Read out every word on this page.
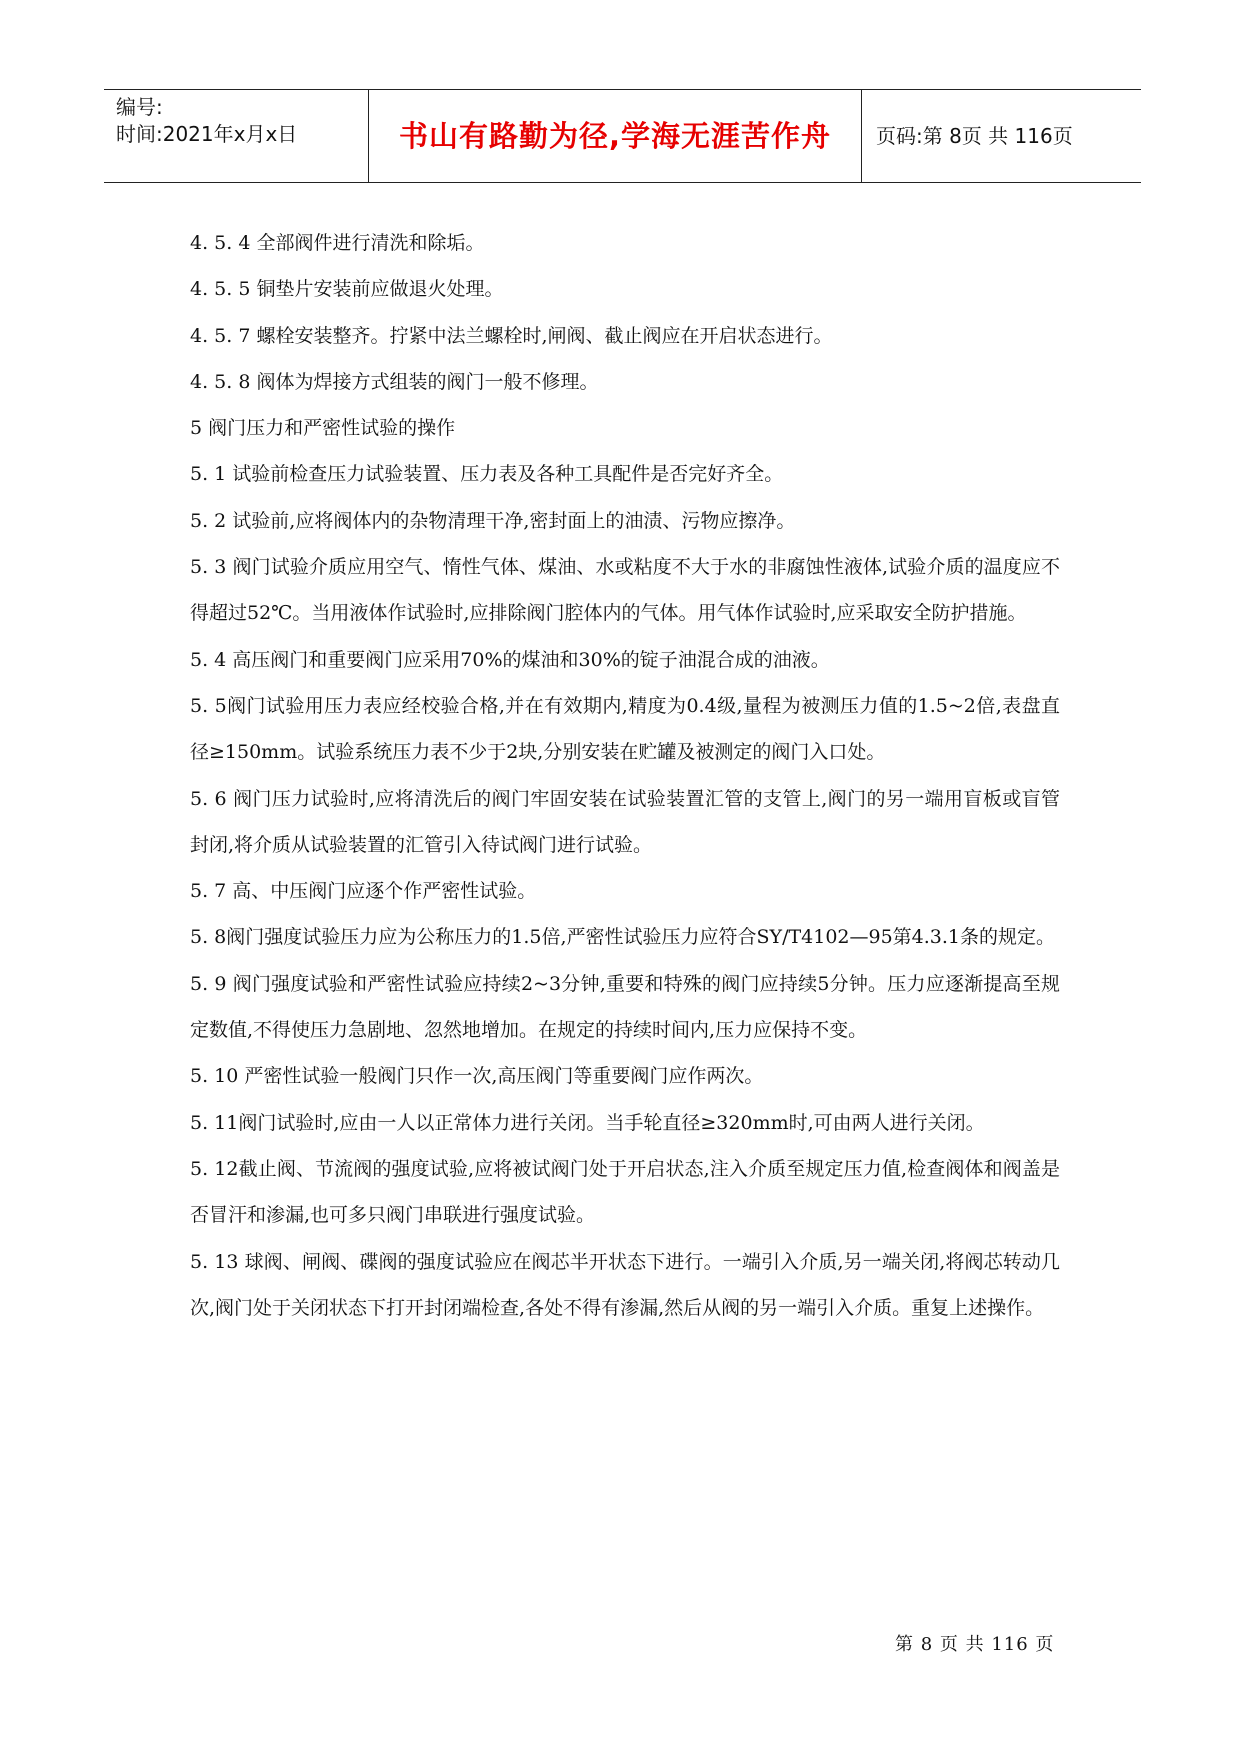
编号:
时间:2021年x月x日	书山有路勤为径,学海无涯苦作舟	页码:第 8页 共 116页

4. 5. 4 全部阀件进行清洗和除垢。

4. 5. 5 铜垫片安装前应做退火处理。

4. 5. 7 螺栓安装整齐。拧紧中法兰螺栓时,闸阀、截止阀应在开启状态进行。

4. 5. 8 阀体为焊接方式组装的阀门一般不修理。

5 阀门压力和严密性试验的操作

5. 1 试验前检查压力试验装置、压力表及各种工具配件是否完好齐全。

5. 2 试验前,应将阀体内的杂物清理干净,密封面上的油渍、污物应擦净。

5. 3 阀门试验介质应用空气、惰性气体、煤油、水或粘度不大于水的非腐蚀性液体,试验介质的温度应不得超过52℃。当用液体作试验时,应排除阀门腔体内的气体。用气体作试验时,应采取安全防护措施。

5. 4 高压阀门和重要阀门应采用70%的煤油和30%的锭子油混合成的油液。

5. 5阀门试验用压力表应经校验合格,并在有效期内,精度为0.4级,量程为被测压力值的1.5~2倍,表盘直径≥150mm。试验系统压力表不少于2块,分别安装在贮罐及被测定的阀门入口处。

5. 6 阀门压力试验时,应将清洗后的阀门牢固安装在试验装置汇管的支管上,阀门的另一端用盲板或盲管封闭,将介质从试验装置的汇管引入待试阀门进行试验。

5. 7 高、中压阀门应逐个作严密性试验。

5. 8阀门强度试验压力应为公称压力的1.5倍,严密性试验压力应符合SY/T4102—95第4.3.1条的规定。

5. 9 阀门强度试验和严密性试验应持续2~3分钟,重要和特殊的阀门应持续5分钟。压力应逐渐提高至规定数值,不得使压力急剧地、忽然地增加。在规定的持续时间内,压力应保持不变。

5. 10 严密性试验一般阀门只作一次,高压阀门等重要阀门应作两次。

5. 11阀门试验时,应由一人以正常体力进行关闭。当手轮直径≥320mm时,可由两人进行关闭。

5. 12截止阀、节流阀的强度试验,应将被试阀门处于开启状态,注入介质至规定压力值,检查阀体和阀盖是否冒汗和渗漏,也可多只阀门串联进行强度试验。

5. 13 球阀、闸阀、碟阀的强度试验应在阀芯半开状态下进行。一端引入介质,另一端关闭,将阀芯转动几次,阀门处于关闭状态下打开封闭端检查,各处不得有渗漏,然后从阀的另一端引入介质。重复上述操作。

第 8 页 共 116 页
